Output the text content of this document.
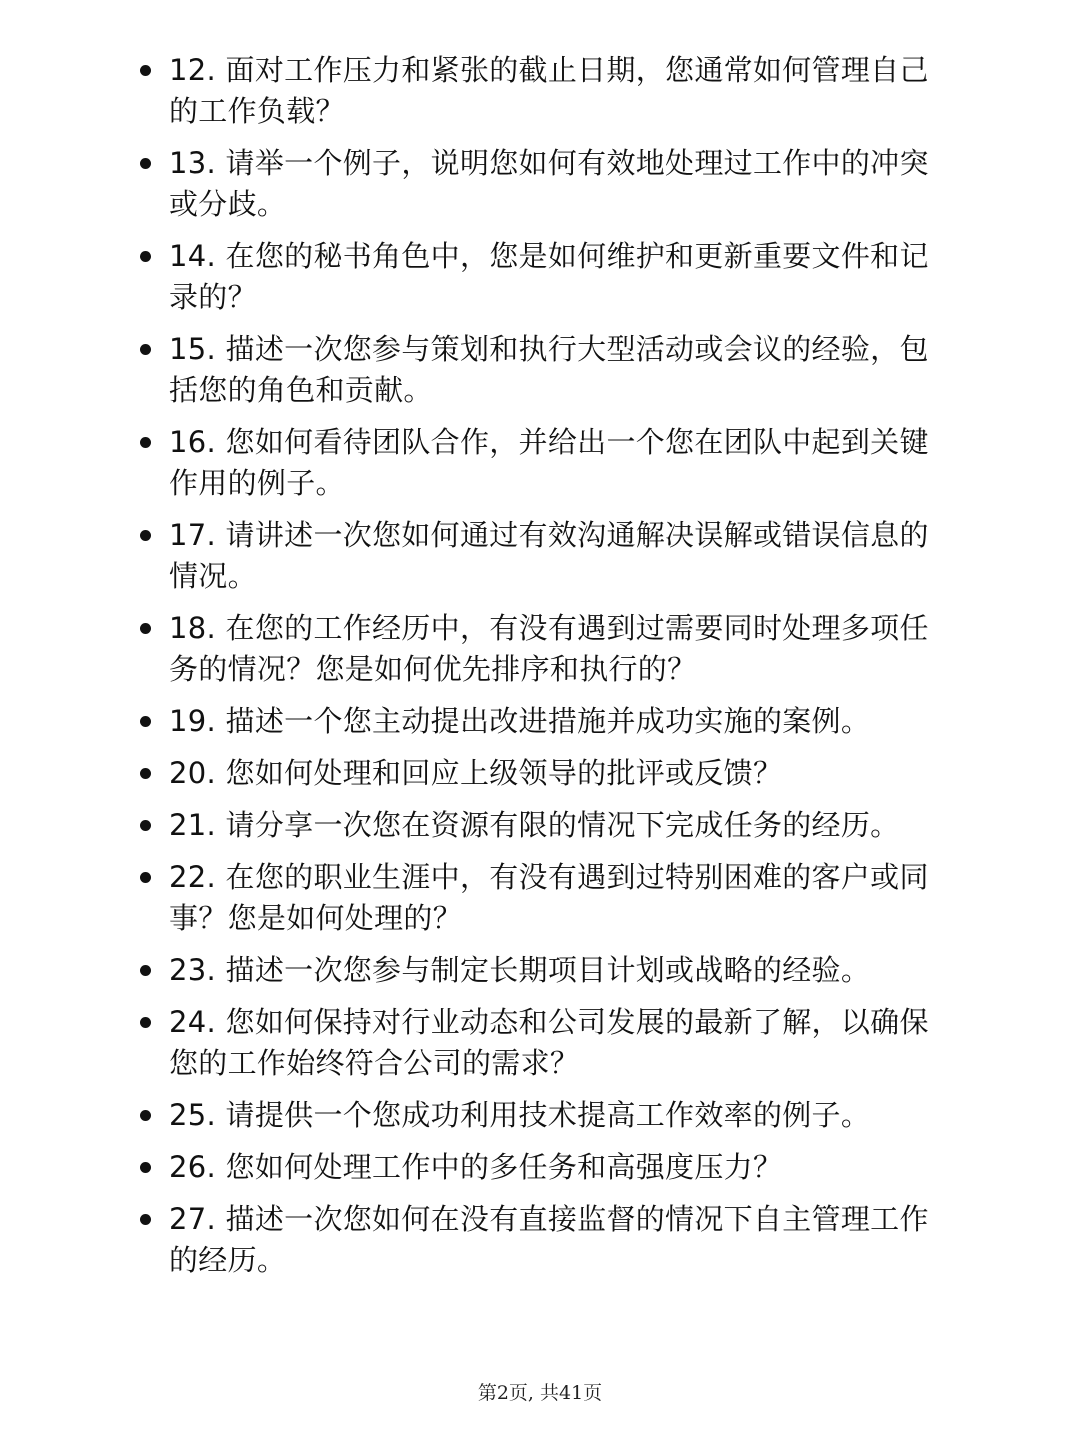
12. 面对工作压力和紧张的截止日期，您通常如何管理自己的工作负载？
13. 请举一个例子，说明您如何有效地处理过工作中的冲突或分歧。
14. 在您的秘书角色中，您是如何维护和更新重要文件和记录的？
15. 描述一次您参与策划和执行大型活动或会议的经验，包括您的角色和贡献。
16. 您如何看待团队合作，并给出一个您在团队中起到关键作用的例子。
17. 请讲述一次您如何通过有效沟通解决误解或错误信息的情况。
18. 在您的工作经历中，有没有遇到过需要同时处理多项任务的情况？您是如何优先排序和执行的？
19. 描述一个您主动提出改进措施并成功实施的案例。
20. 您如何处理和回应上级领导的批评或反馈？
21. 请分享一次您在资源有限的情况下完成任务的经历。
22. 在您的职业生涯中，有没有遇到过特别困难的客户或同事？您是如何处理的？
23. 描述一次您参与制定长期项目计划或战略的经验。
24. 您如何保持对行业动态和公司发展的最新了解，以确保您的工作始终符合公司的需求？
25. 请提供一个您成功利用技术提高工作效率的例子。
26. 您如何处理工作中的多任务和高强度压力？
27. 描述一次您如何在没有直接监督的情况下自主管理工作的经历。
第2页, 共41页
